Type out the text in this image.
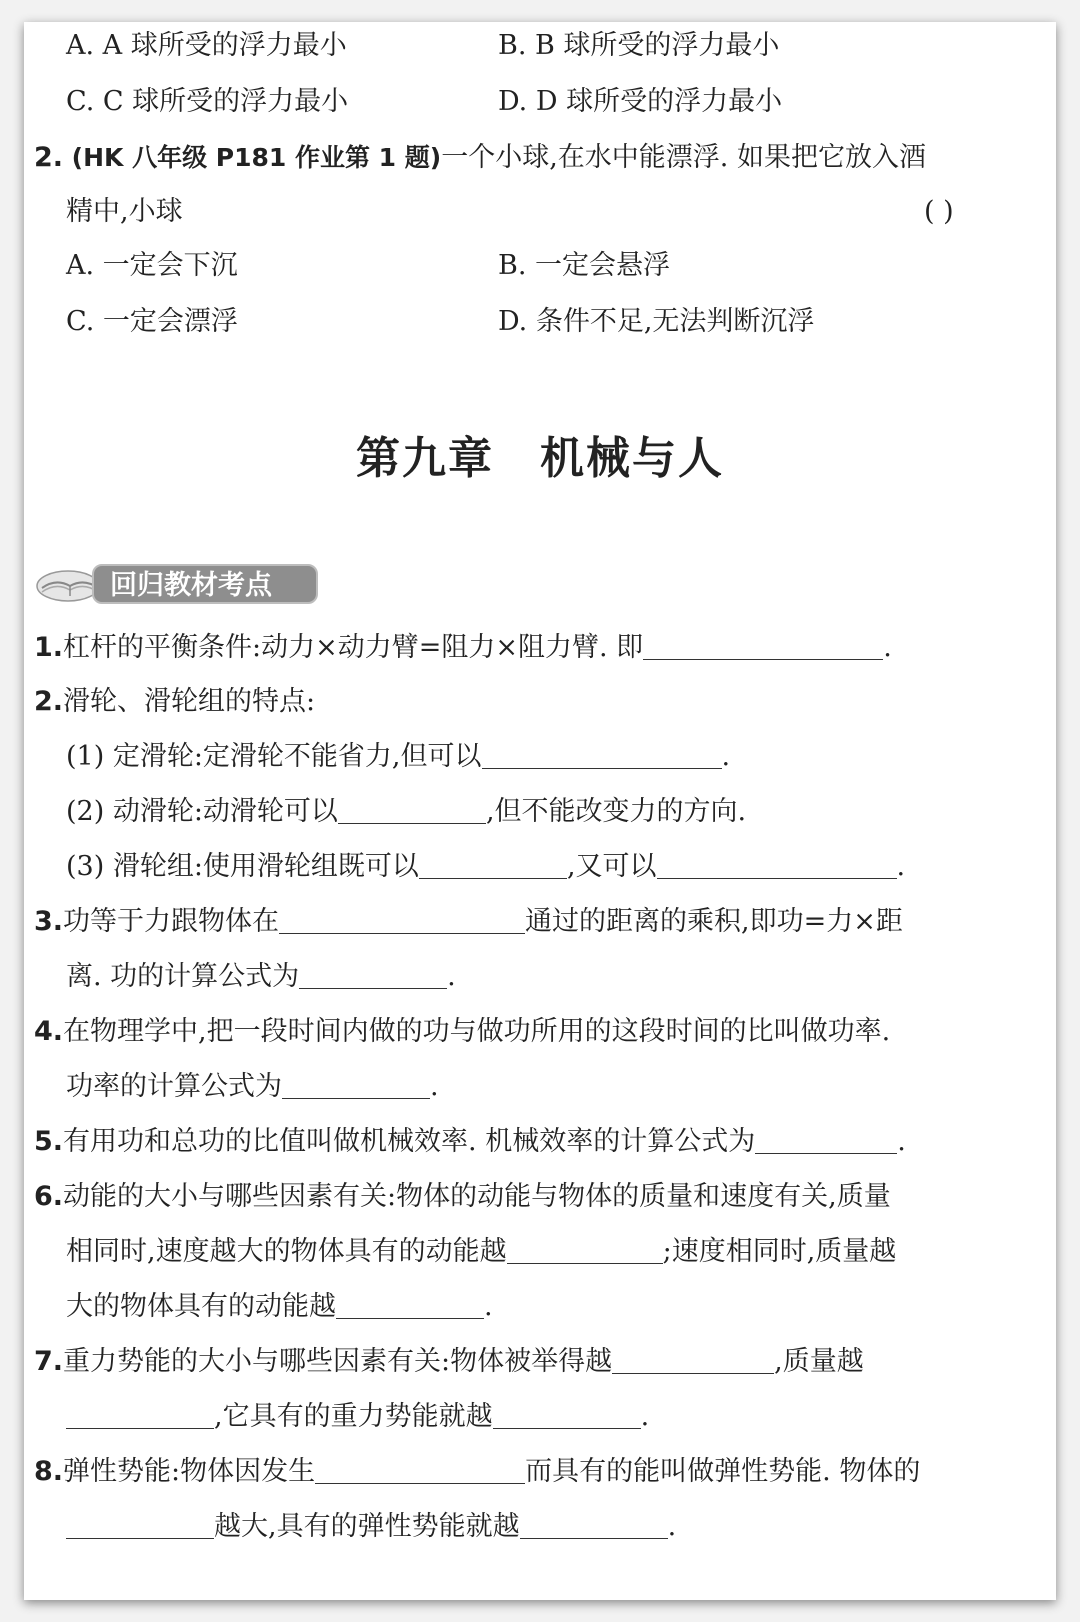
A. A 球所受的浮力最小	B. B 球所受的浮力最小
C. C 球所受的浮力最小	D. D 球所受的浮力最小
2. (HK 八年级 P181 作业第 1 题)一个小球,在水中能漂浮. 如果把它放入酒
精中,小球	( )
A. 一定会下沉	B. 一定会悬浮
C. 一定会漂浮	D. 条件不足,无法判断沉浮
第九章　机械与人
回归教材考点
1.杠杆的平衡条件:动力×动力臂=阻力×阻力臂. 即	.
2.滑轮、滑轮组的特点:
(1) 定滑轮:定滑轮不能省力,但可以	.
(2) 动滑轮:动滑轮可以	,但不能改变力的方向.
(3) 滑轮组:使用滑轮组既可以	,又可以	.
3.功等于力跟物体在	通过的距离的乘积,即功=力×距
离. 功的计算公式为	.
4.在物理学中,把一段时间内做的功与做功所用的这段时间的比叫做功率.
功率的计算公式为	.
5.有用功和总功的比值叫做机械效率. 机械效率的计算公式为	.
6.动能的大小与哪些因素有关:物体的动能与物体的质量和速度有关,质量
相同时,速度越大的物体具有的动能越	;速度相同时,质量越
大的物体具有的动能越	.
7.重力势能的大小与哪些因素有关:物体被举得越	,质量越
,它具有的重力势能就越	.
8.弹性势能:物体因发生	而具有的能叫做弹性势能. 物体的
越大,具有的弹性势能就越	.
